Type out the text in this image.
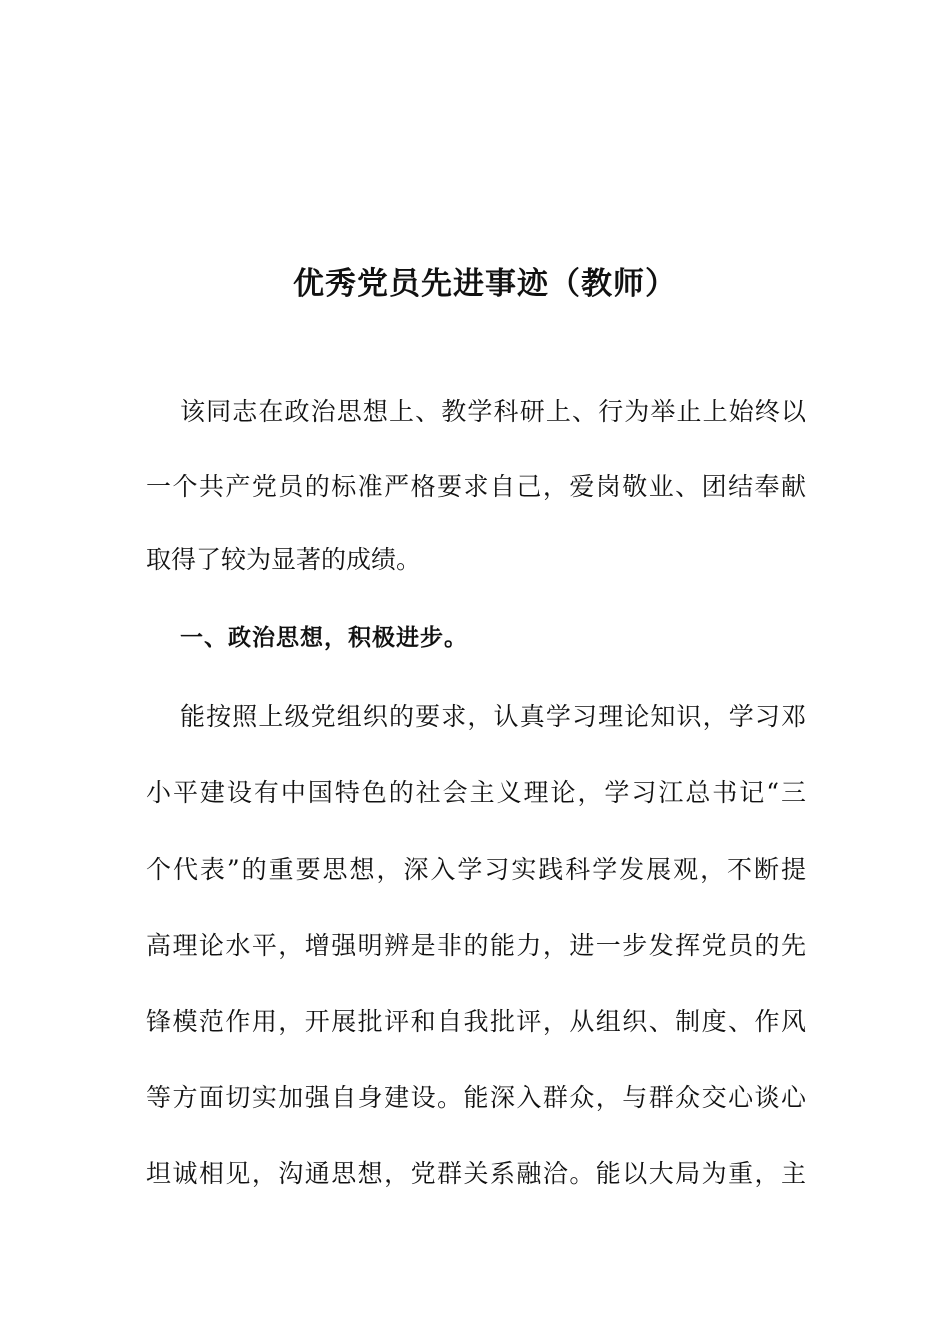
优秀党员先进事迹（教师）

该同志在政治思想上、教学科研上、行为举止上始终以

一个共产党员的标准严格要求自己，爱岗敬业、团结奉献

取得了较为显著的成绩。

一、政治思想，积极进步。

能按照上级党组织的要求，认真学习理论知识，学习邓

小平建设有中国特色的社会主义理论，学习江总书记“三

个代表”的重要思想，深入学习实践科学发展观，不断提

高理论水平，增强明辨是非的能力，进一步发挥党员的先

锋模范作用，开展批评和自我批评，从组织、制度、作风

等方面切实加强自身建设。能深入群众，与群众交心谈心

坦诚相见，沟通思想，党群关系融洽。能以大局为重，主
